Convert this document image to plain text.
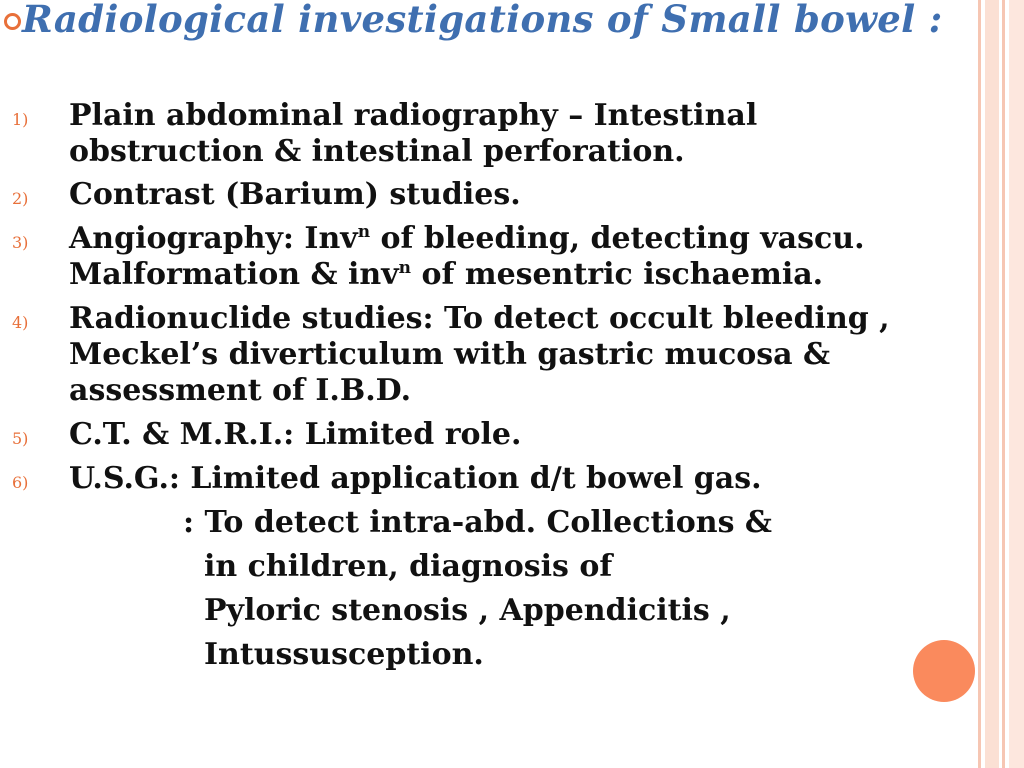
Radiological investigations of Small bowel :
1) Plain abdominal radiography – Intestinal

obstruction & intestinal perforation.

2) Contrast (Barium) studies.

3) Angiography: Inv$^n$ of bleeding, detecting vascu.

Malformation & inv$^n$ of mesentric ischaemia.

4) Radionuclide studies: To detect occult bleeding ,

Meckel’s diverticulum with gastric mucosa &

assessment of I.B.D.

5) C.T. & M.R.I.: Limited role.

6) U.S.G.: Limited application d/t bowel gas.

: To detect intra-abd. Collections &

in children, diagnosis of

Pyloric stenosis , Appendicitis ,

Intussusception.
